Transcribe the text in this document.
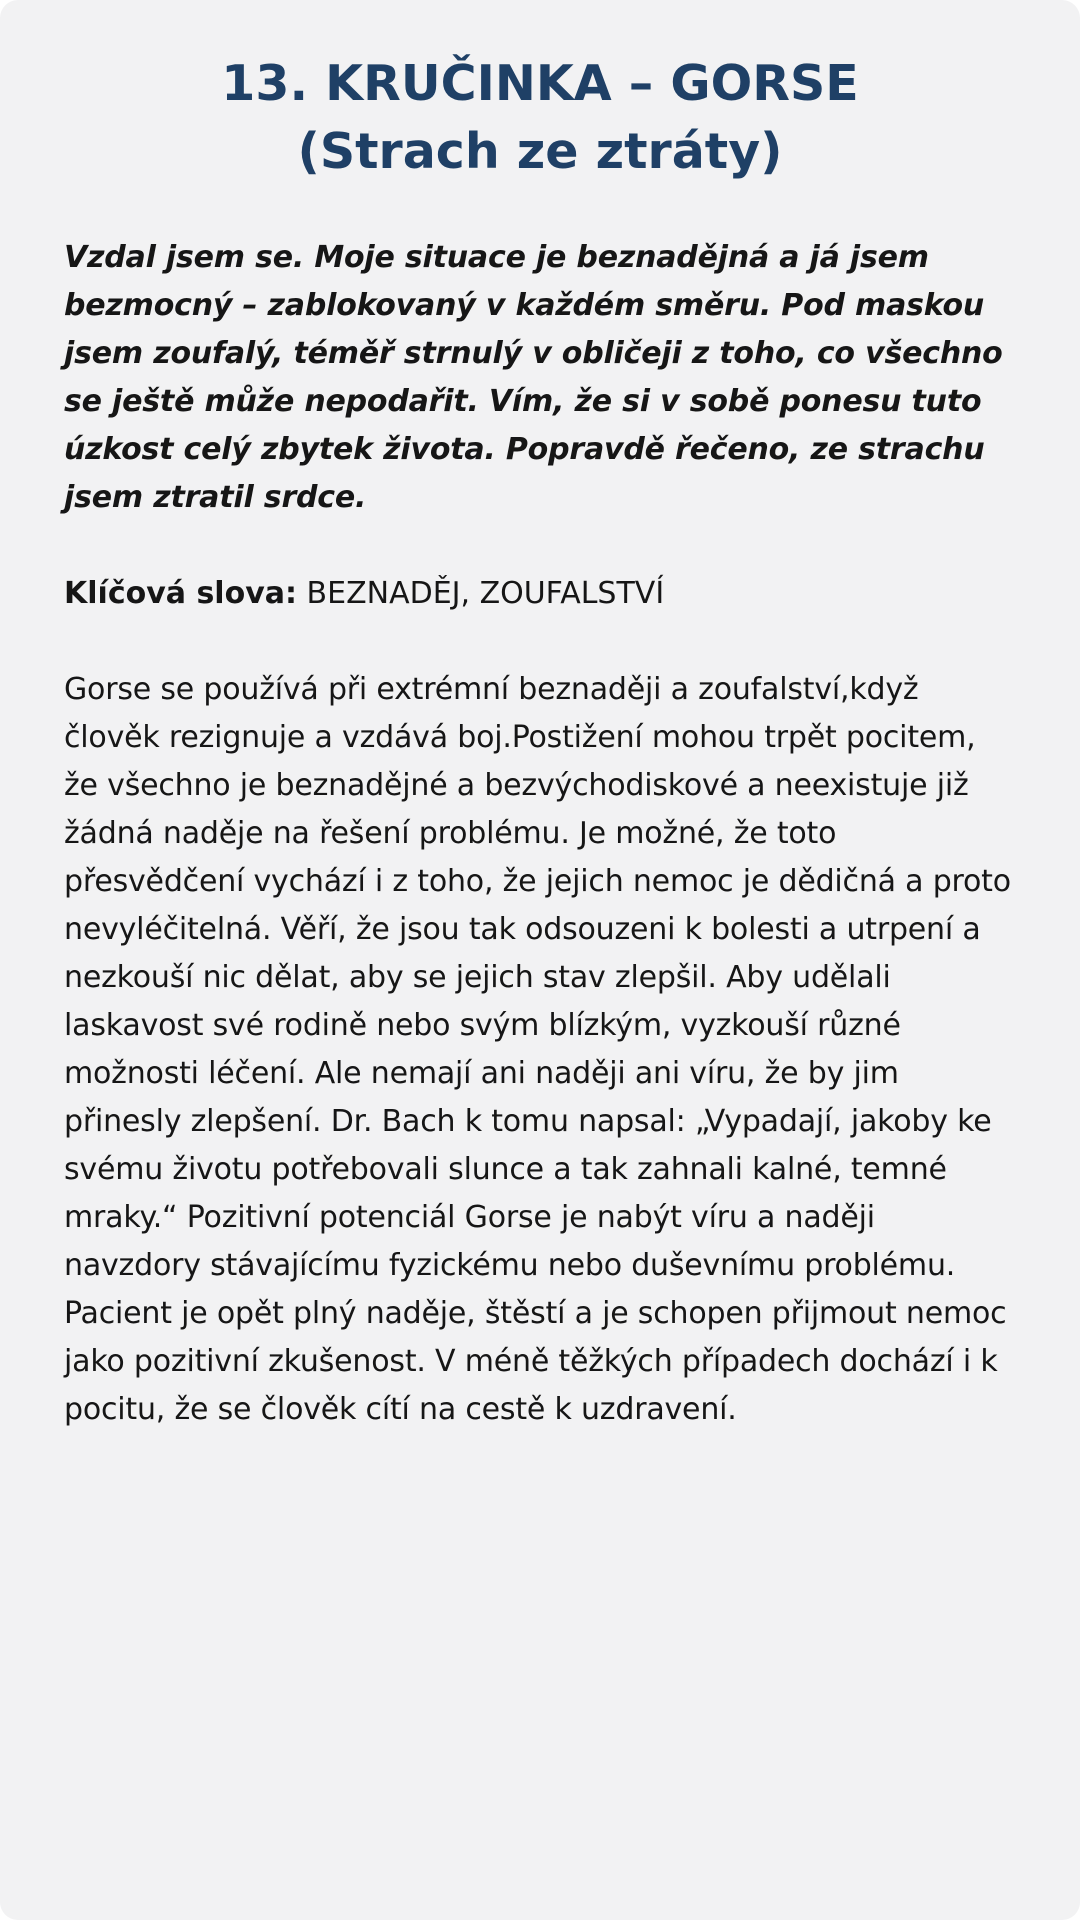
13. KRUČINKA – GORSE
(Strach ze ztráty)

Vzdal jsem se. Moje situace je beznadějná a já jsem bezmocný – zablokovaný v každém směru. Pod maskou jsem zoufalý, téměř strnulý v obličeji z toho, co všechno se ještě může nepodařit. Vím, že si v sobě ponesu tuto úzkost celý zbytek života. Popravdě řečeno, ze strachu jsem ztratil srdce.

Klíčová slova: BEZNADĚJ, ZOUFALSTVÍ

Gorse se používá při extrémní beznaději a zoufalství,když člověk rezignuje a vzdává boj.Postižení mohou trpět pocitem, že všechno je beznadějné a bezvýchodiskové a neexistuje již žádná naděje na řešení problému. Je možné, že toto přesvědčení vychází i z toho, že jejich nemoc je dědičná a proto nevyléčitelná. Věří, že jsou tak odsouzeni k bolesti a utrpení a nezkouší nic dělat, aby se jejich stav zlepšil. Aby udělali laskavost své rodině nebo svým blízkým, vyzkouší různé možnosti léčení. Ale nemají ani naději ani víru, že by jim přinesly zlepšení. Dr. Bach k tomu napsal: „Vypadají, jakoby ke svému životu potřebovali slunce a tak zahnali kalné, temné mraky.“ Pozitivní potenciál Gorse je nabýt víru a naději navzdory stávajícímu fyzickému nebo duševnímu problému. Pacient je opět plný naděje, štěstí a je schopen přijmout nemoc jako pozitivní zkušenost. V méně těžkých případech dochází i k pocitu, že se člověk cítí na cestě k uzdravení.
